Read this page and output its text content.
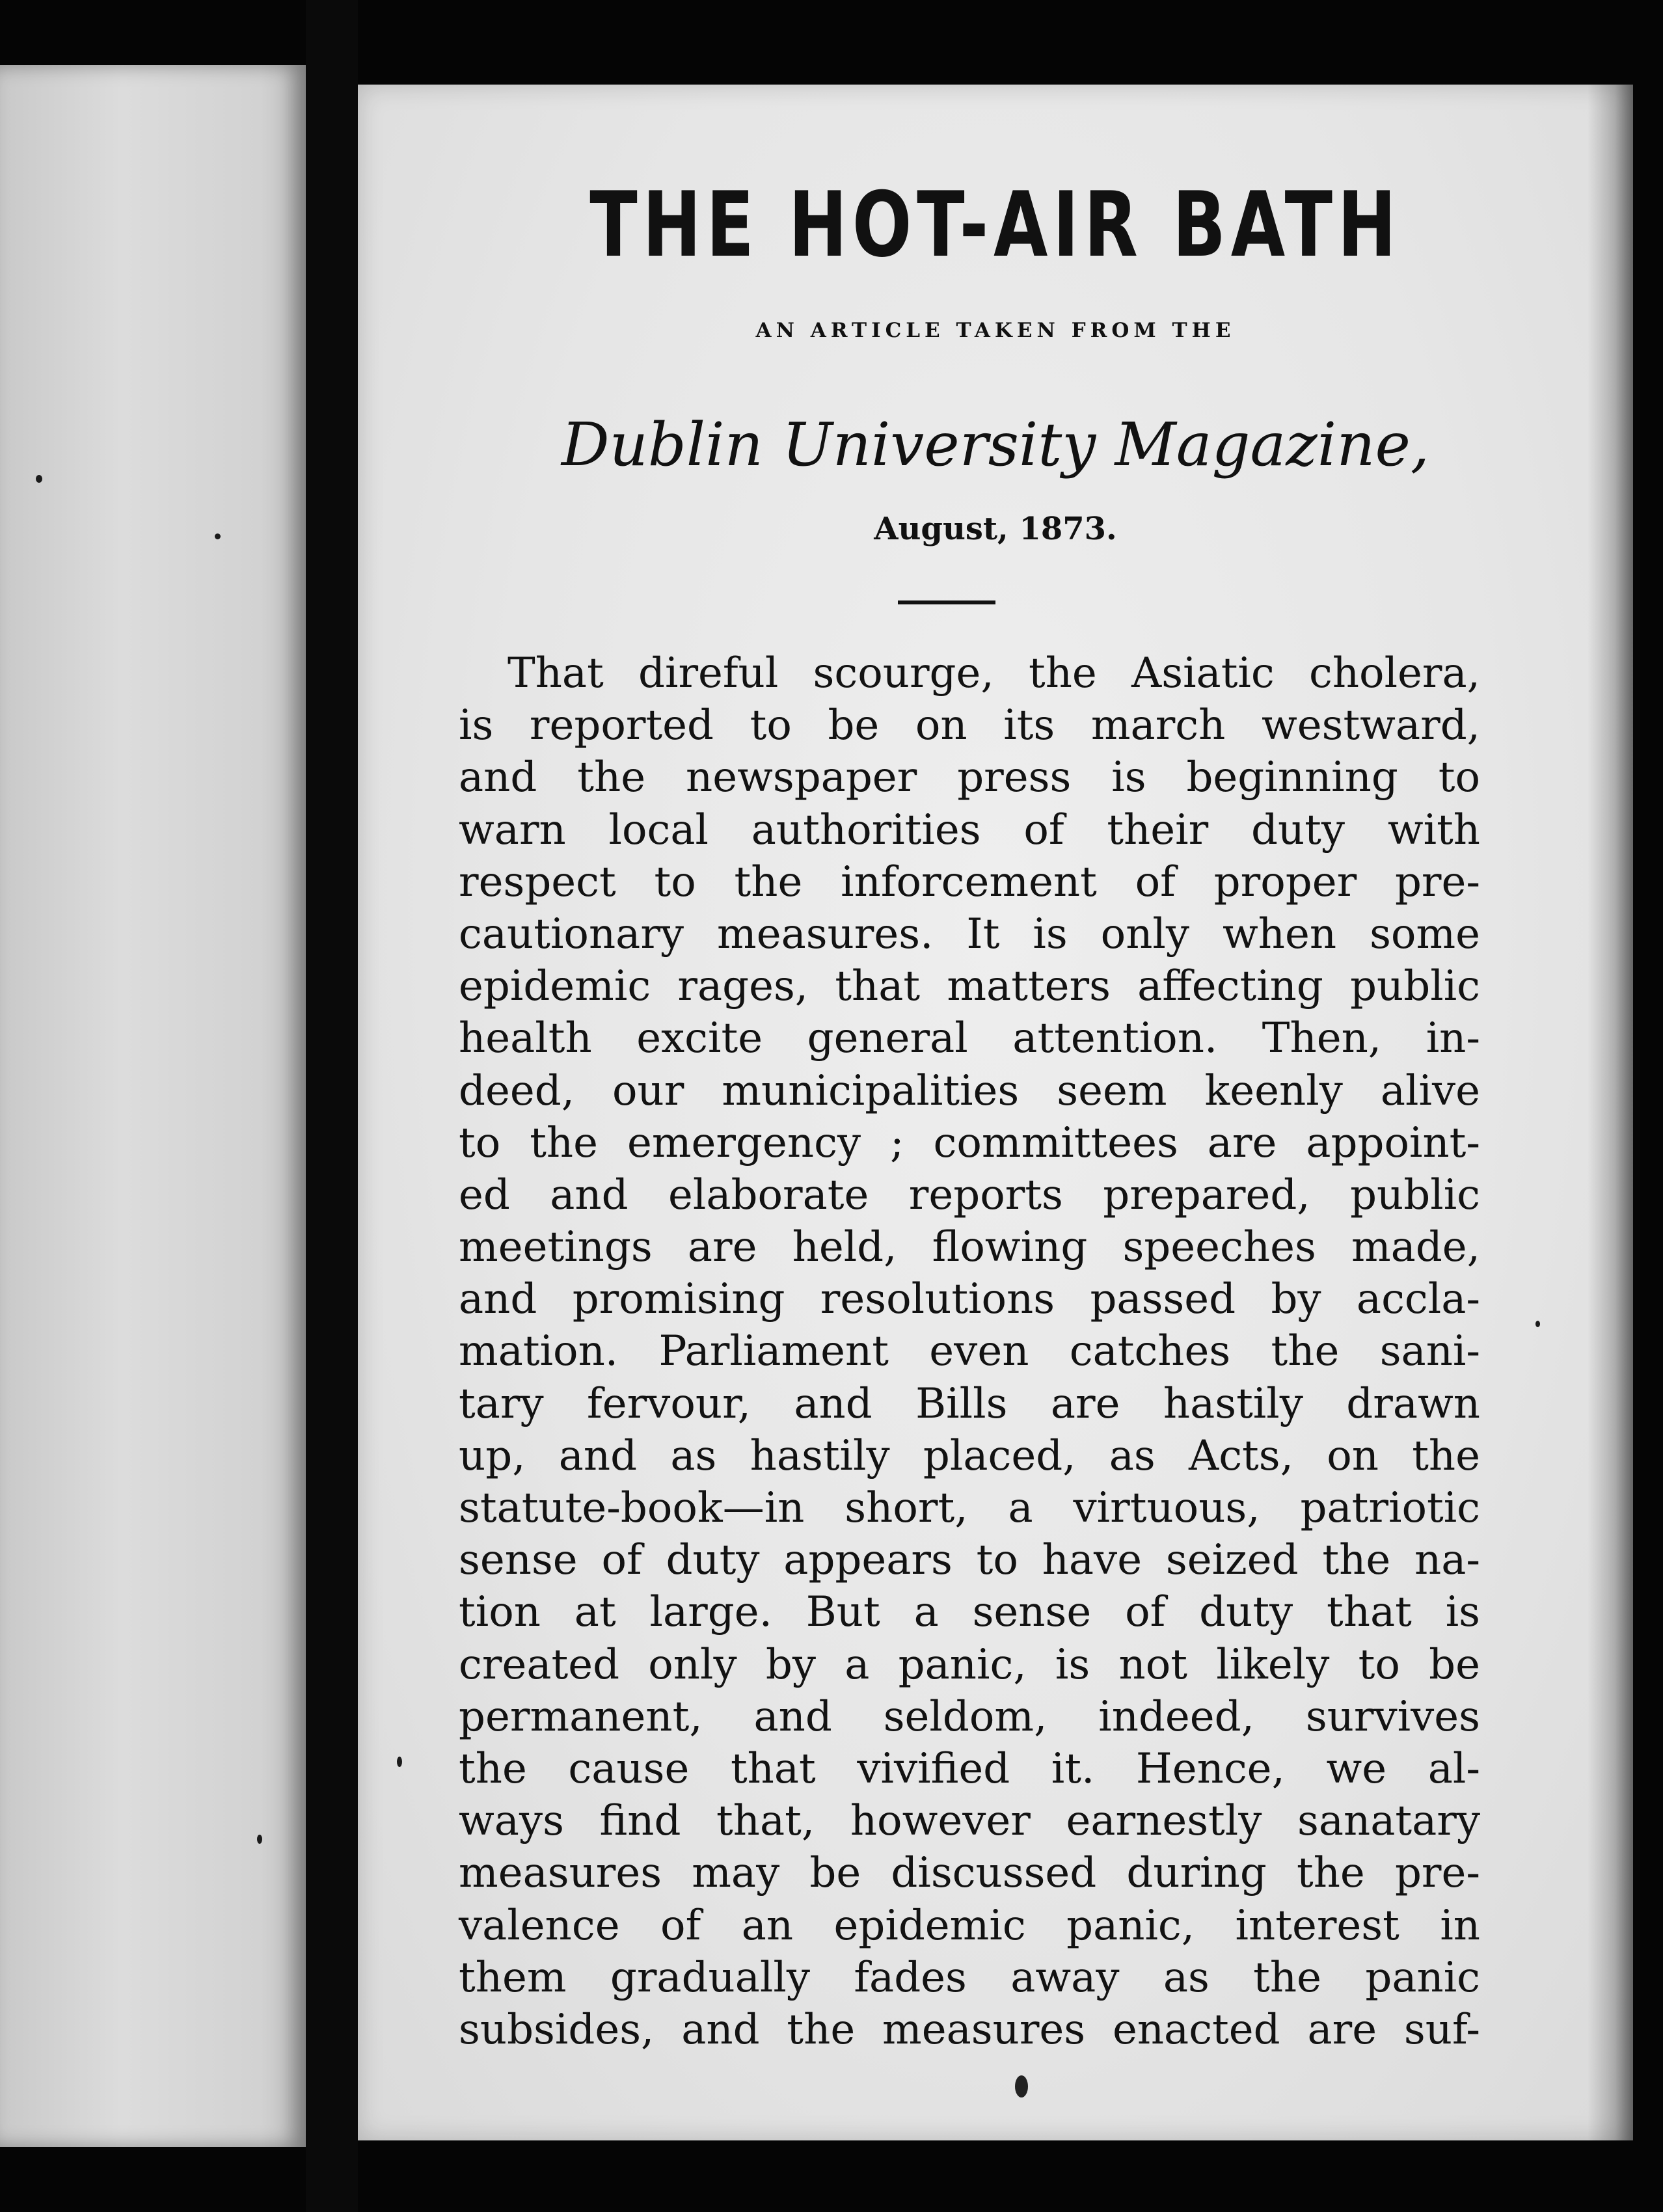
THE HOT-AIR BATH
AN ARTICLE TAKEN FROM THE
Dublin University Magazine,
August, 1873.
That direful scourge, the Asiatic cholera,
is reported to be on its march westward,
and the newspaper press is beginning to
warn local authorities of their duty with
respect to the inforcement of proper pre-
cautionary measures. It is only when some
epidemic rages, that matters affecting public
health excite general attention. Then, in-
deed, our municipalities seem keenly alive
to the emergency ; committees are appoint-
ed and elaborate reports prepared, public
meetings are held, flowing speeches made,
and promising resolutions passed by accla-
mation. Parliament even catches the sani-
tary fervour, and Bills are hastily drawn
up, and as hastily placed, as Acts, on the
statute-book—in short, a virtuous, patriotic
sense of duty appears to have seized the na-
tion at large. But a sense of duty that is
created only by a panic, is not likely to be
permanent, and seldom, indeed, survives
the cause that vivified it. Hence, we al-
ways find that, however earnestly sanatary
measures may be discussed during the pre-
valence of an epidemic panic, interest in
them gradually fades away as the panic
subsides, and the measures enacted are suf-
